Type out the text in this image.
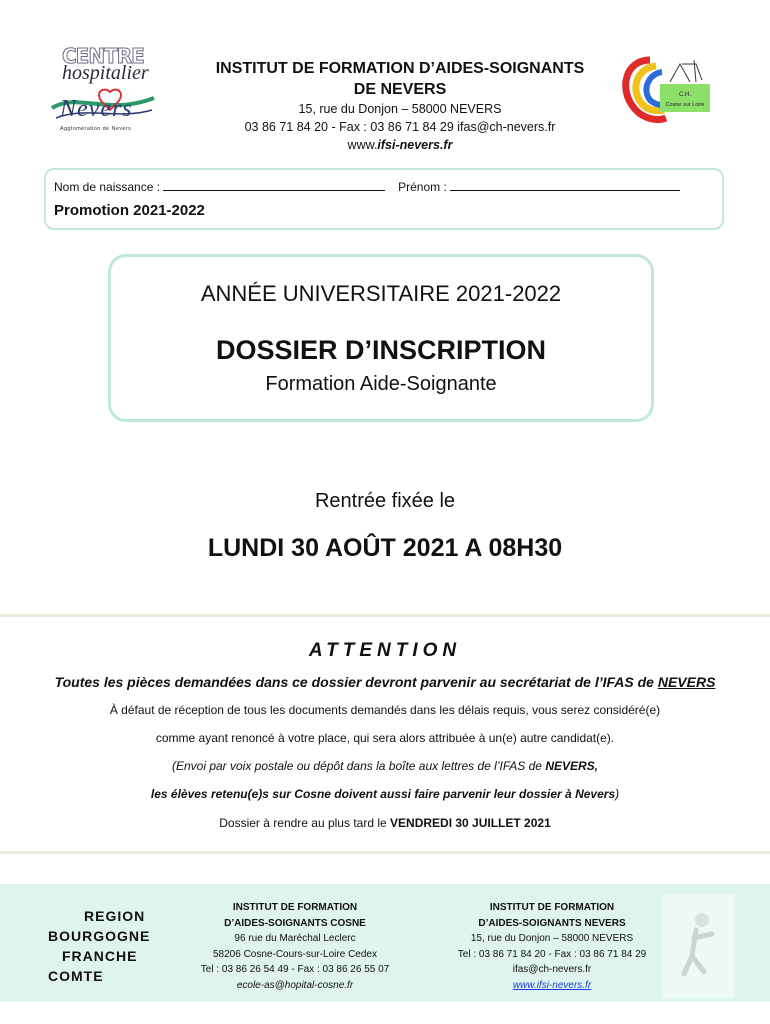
CENTRE
hospitalier
Nevers
Agglomération de Nevers
INSTITUT DE FORMATION D’AIDES-SOIGNANTS
DE NEVERS
15, rue du Donjon – 58000 NEVERS
03 86 71 84 20 - Fax : 03 86 71 84 29 ifas@ch-nevers.fr
www.ifsi-nevers.fr
C.H.
Cosne sur Loire
Nom de naissance :	Prénom :
Promotion 2021-2022
ANNÉE UNIVERSITAIRE 2021-2022
DOSSIER D’INSCRIPTION
Formation Aide-Soignante
Rentrée fixée le
LUNDI 30 AOÛT 2021 A 08H30
ATTENTION
Toutes les pièces demandées dans ce dossier devront parvenir au secrétariat de l’IFAS de NEVERS
À défaut de réception de tous les documents demandés dans les délais requis, vous serez considéré(e)
comme ayant renoncé à votre place, qui sera alors attribuée à un(e) autre candidat(e).
(Envoi par voix postale ou dépôt dans la boîte aux lettres de l’IFAS de NEVERS,
les élèves retenu(e)s sur Cosne doivent aussi faire parvenir leur dossier à Nevers)
Dossier à rendre au plus tard le VENDREDI 30 JUILLET 2021
REGION
BOURGOGNE
FRANCHE
COMTE
INSTITUT DE FORMATION
D’AIDES-SOIGNANTS COSNE
96 rue du Maréchal Leclerc
58206 Cosne-Cours-sur-Loire Cedex
Tel : 03 86 26 54 49 - Fax : 03 86 26 55 07
ecole-as@hopital-cosne.fr
INSTITUT DE FORMATION
D’AIDES-SOIGNANTS NEVERS
15, rue du Donjon – 58000 NEVERS
Tel : 03 86 71 84 20 - Fax : 03 86 71 84 29
ifas@ch-nevers.fr
www.ifsi-nevers.fr
